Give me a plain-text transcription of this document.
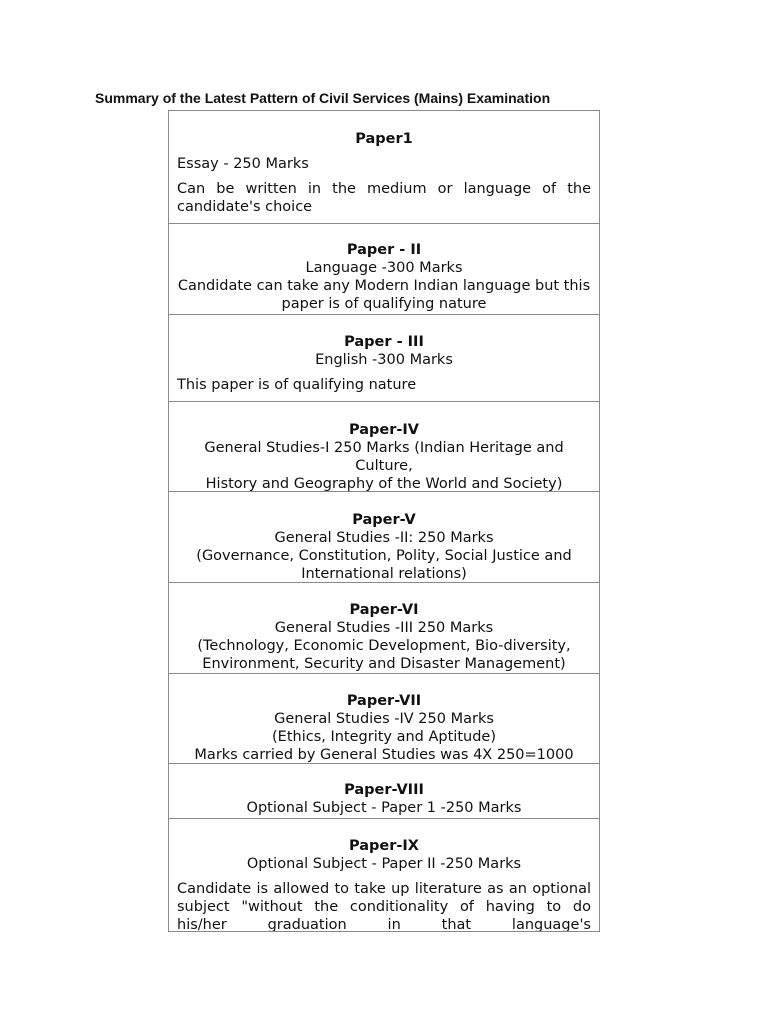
Summary of the Latest Pattern of Civil Services (Mains) Examination
Paper1
Essay - 250 Marks
Can be written in the medium or language of the candidate's choice
Paper - II
Language -300 Marks
Candidate can take any Modern Indian language but this paper is of qualifying nature
Paper - III
English -300 Marks
This paper is of qualifying nature
Paper-IV
General Studies-I 250 Marks (Indian Heritage and Culture,
History and Geography of the World and Society)
Paper-V
General Studies -II: 250 Marks
(Governance, Constitution, Polity, Social Justice and International relations)
Paper-VI
General Studies -III 250 Marks
(Technology, Economic Development, Bio-diversity, Environment, Security and Disaster Management)
Paper-VII
General Studies -IV 250 Marks
(Ethics, Integrity and Aptitude)
Marks carried by General Studies was 4X 250=1000
Paper-VIII
Optional Subject - Paper 1 -250 Marks
Paper-IX
Optional Subject - Paper II -250 Marks
Candidate is allowed to take up literature as an optional subject "without the conditionality of having to do his/her graduation in that language's
